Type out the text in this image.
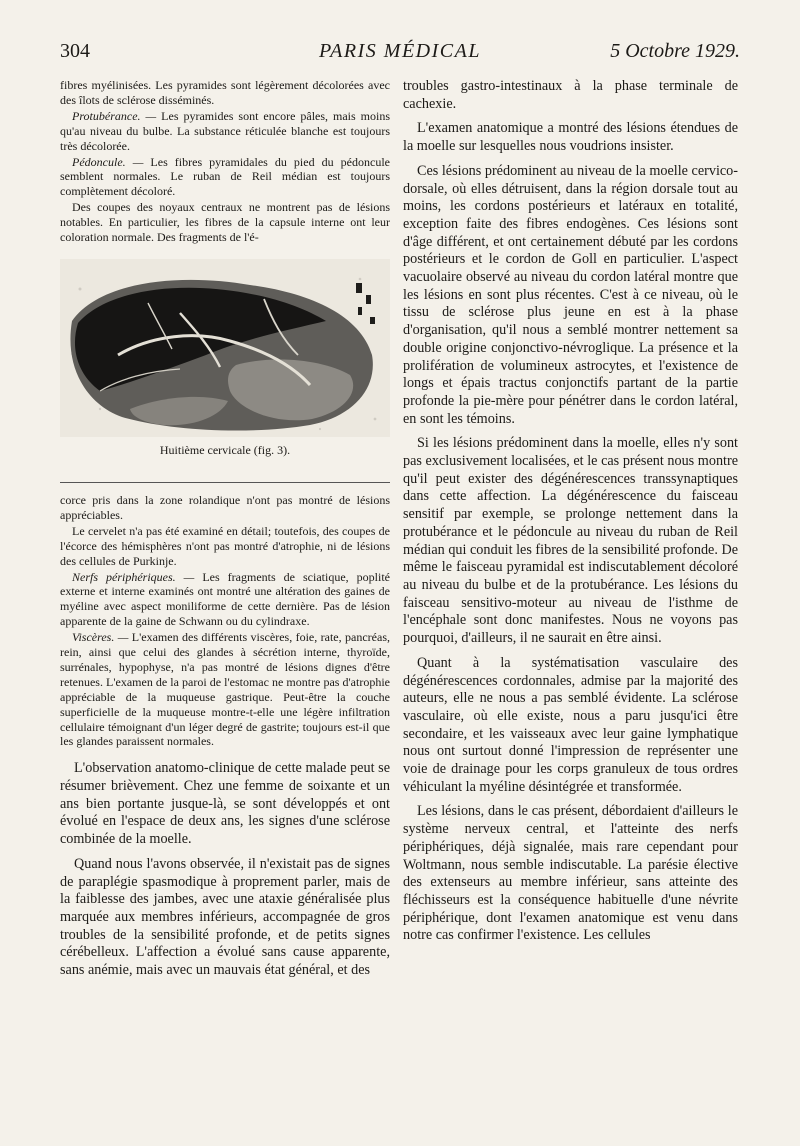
304	PARIS MÉDICAL	5 Octobre 1929.

fibres myélinisées. Les pyramides sont légèrement décolorées avec des îlots de sclérose disséminés.

Protubérance. — Les pyramides sont encore pâles, mais moins qu'au niveau du bulbe. La substance réticulée blanche est toujours très décolorée.

Pédoncule. — Les fibres pyramidales du pied du pédoncule semblent normales. Le ruban de Reil médian est toujours complètement décoloré.

Des coupes des noyaux centraux ne montrent pas de lésions notables. En particulier, les fibres de la capsule interne ont leur coloration normale. Des fragments de l'é-

Huitième cervicale (fig. 3).

corce pris dans la zone rolandique n'ont pas montré de lésions appréciables.

Le cervelet n'a pas été examiné en détail; toutefois, des coupes de l'écorce des hémisphères n'ont pas montré d'atrophie, ni de lésions des cellules de Purkinje.

Nerfs périphériques. — Les fragments de sciatique, poplité externe et interne examinés ont montré une altération des gaines de myéline avec aspect moniliforme de cette dernière. Pas de lésion apparente de la gaine de Schwann ou du cylindraxe.

Viscères. — L'examen des différents viscères, foie, rate, pancréas, rein, ainsi que celui des glandes à sécrétion interne, thyroïde, surrénales, hypophyse, n'a pas montré de lésions dignes d'être retenues. L'examen de la paroi de l'estomac ne montre pas d'atrophie appréciable de la muqueuse gastrique. Peut-être la couche superficielle de la muqueuse montre-t-elle une légère infiltration cellulaire témoignant d'un léger degré de gastrite; toujours est-il que les glandes paraissent normales.

L'observation anatomo-clinique de cette malade peut se résumer brièvement. Chez une femme de soixante et un ans bien portante jusque-là, se sont développés et ont évolué en l'espace de deux ans, les signes d'une sclérose combinée de la moelle.

Quand nous l'avons observée, il n'existait pas de signes de paraplégie spasmodique à proprement parler, mais de la faiblesse des jambes, avec une ataxie généralisée plus marquée aux membres inférieurs, accompagnée de gros troubles de la sensibilité profonde, et de petits signes cérébelleux. L'affection a évolué sans cause apparente, sans anémie, mais avec un mauvais état général, et des

troubles gastro-intestinaux à la phase terminale de cachexie.

L'examen anatomique a montré des lésions étendues de la moelle sur lesquelles nous voudrions insister.

Ces lésions prédominent au niveau de la moelle cervico-dorsale, où elles détruisent, dans la région dorsale tout au moins, les cordons postérieurs et latéraux en totalité, exception faite des fibres endogènes. Ces lésions sont d'âge différent, et ont certainement débuté par les cordons postérieurs et le cordon de Goll en particulier. L'aspect vacuolaire observé au niveau du cordon latéral montre que les lésions en sont plus récentes. C'est à ce niveau, où le tissu de sclérose plus jeune en est à la phase d'organisation, qu'il nous a semblé montrer nettement sa double origine conjonctivo-névroglique. La présence et la prolifération de volumineux astrocytes, et l'existence de longs et épais tractus conjonctifs partant de la partie profonde la pie-mère pour pénétrer dans le cordon latéral, en sont les témoins.

Si les lésions prédominent dans la moelle, elles n'y sont pas exclusivement localisées, et le cas présent nous montre qu'il peut exister des dégénérescences transsynaptiques dans cette affection. La dégénérescence du faisceau sensitif par exemple, se prolonge nettement dans la protubérance et le pédoncule au niveau du ruban de Reil médian qui conduit les fibres de la sensibilité profonde. De même le faisceau pyramidal est indiscutablement décoloré au niveau du bulbe et de la protubérance. Les lésions du faisceau sensitivo-moteur au niveau de l'isthme de l'encéphale sont donc manifestes. Nous ne voyons pas pourquoi, d'ailleurs, il ne saurait en être ainsi.

Quant à la systématisation vasculaire des dégénérescences cordonnales, admise par la majorité des auteurs, elle ne nous a pas semblé évidente. La sclérose vasculaire, où elle existe, nous a paru jusqu'ici être secondaire, et les vaisseaux avec leur gaine lymphatique nous ont surtout donné l'impression de représenter une voie de drainage pour les corps granuleux de tous ordres véhiculant la myéline désintégrée et transformée.

Les lésions, dans le cas présent, débordaient d'ailleurs le système nerveux central, et l'atteinte des nerfs périphériques, déjà signalée, mais rare cependant pour Woltmann, nous semble indiscutable. La parésie élective des extenseurs au membre inférieur, sans atteinte des fléchisseurs est la conséquence habituelle d'une névrite périphérique, dont l'examen anatomique est venu dans notre cas confirmer l'existence. Les cellules
